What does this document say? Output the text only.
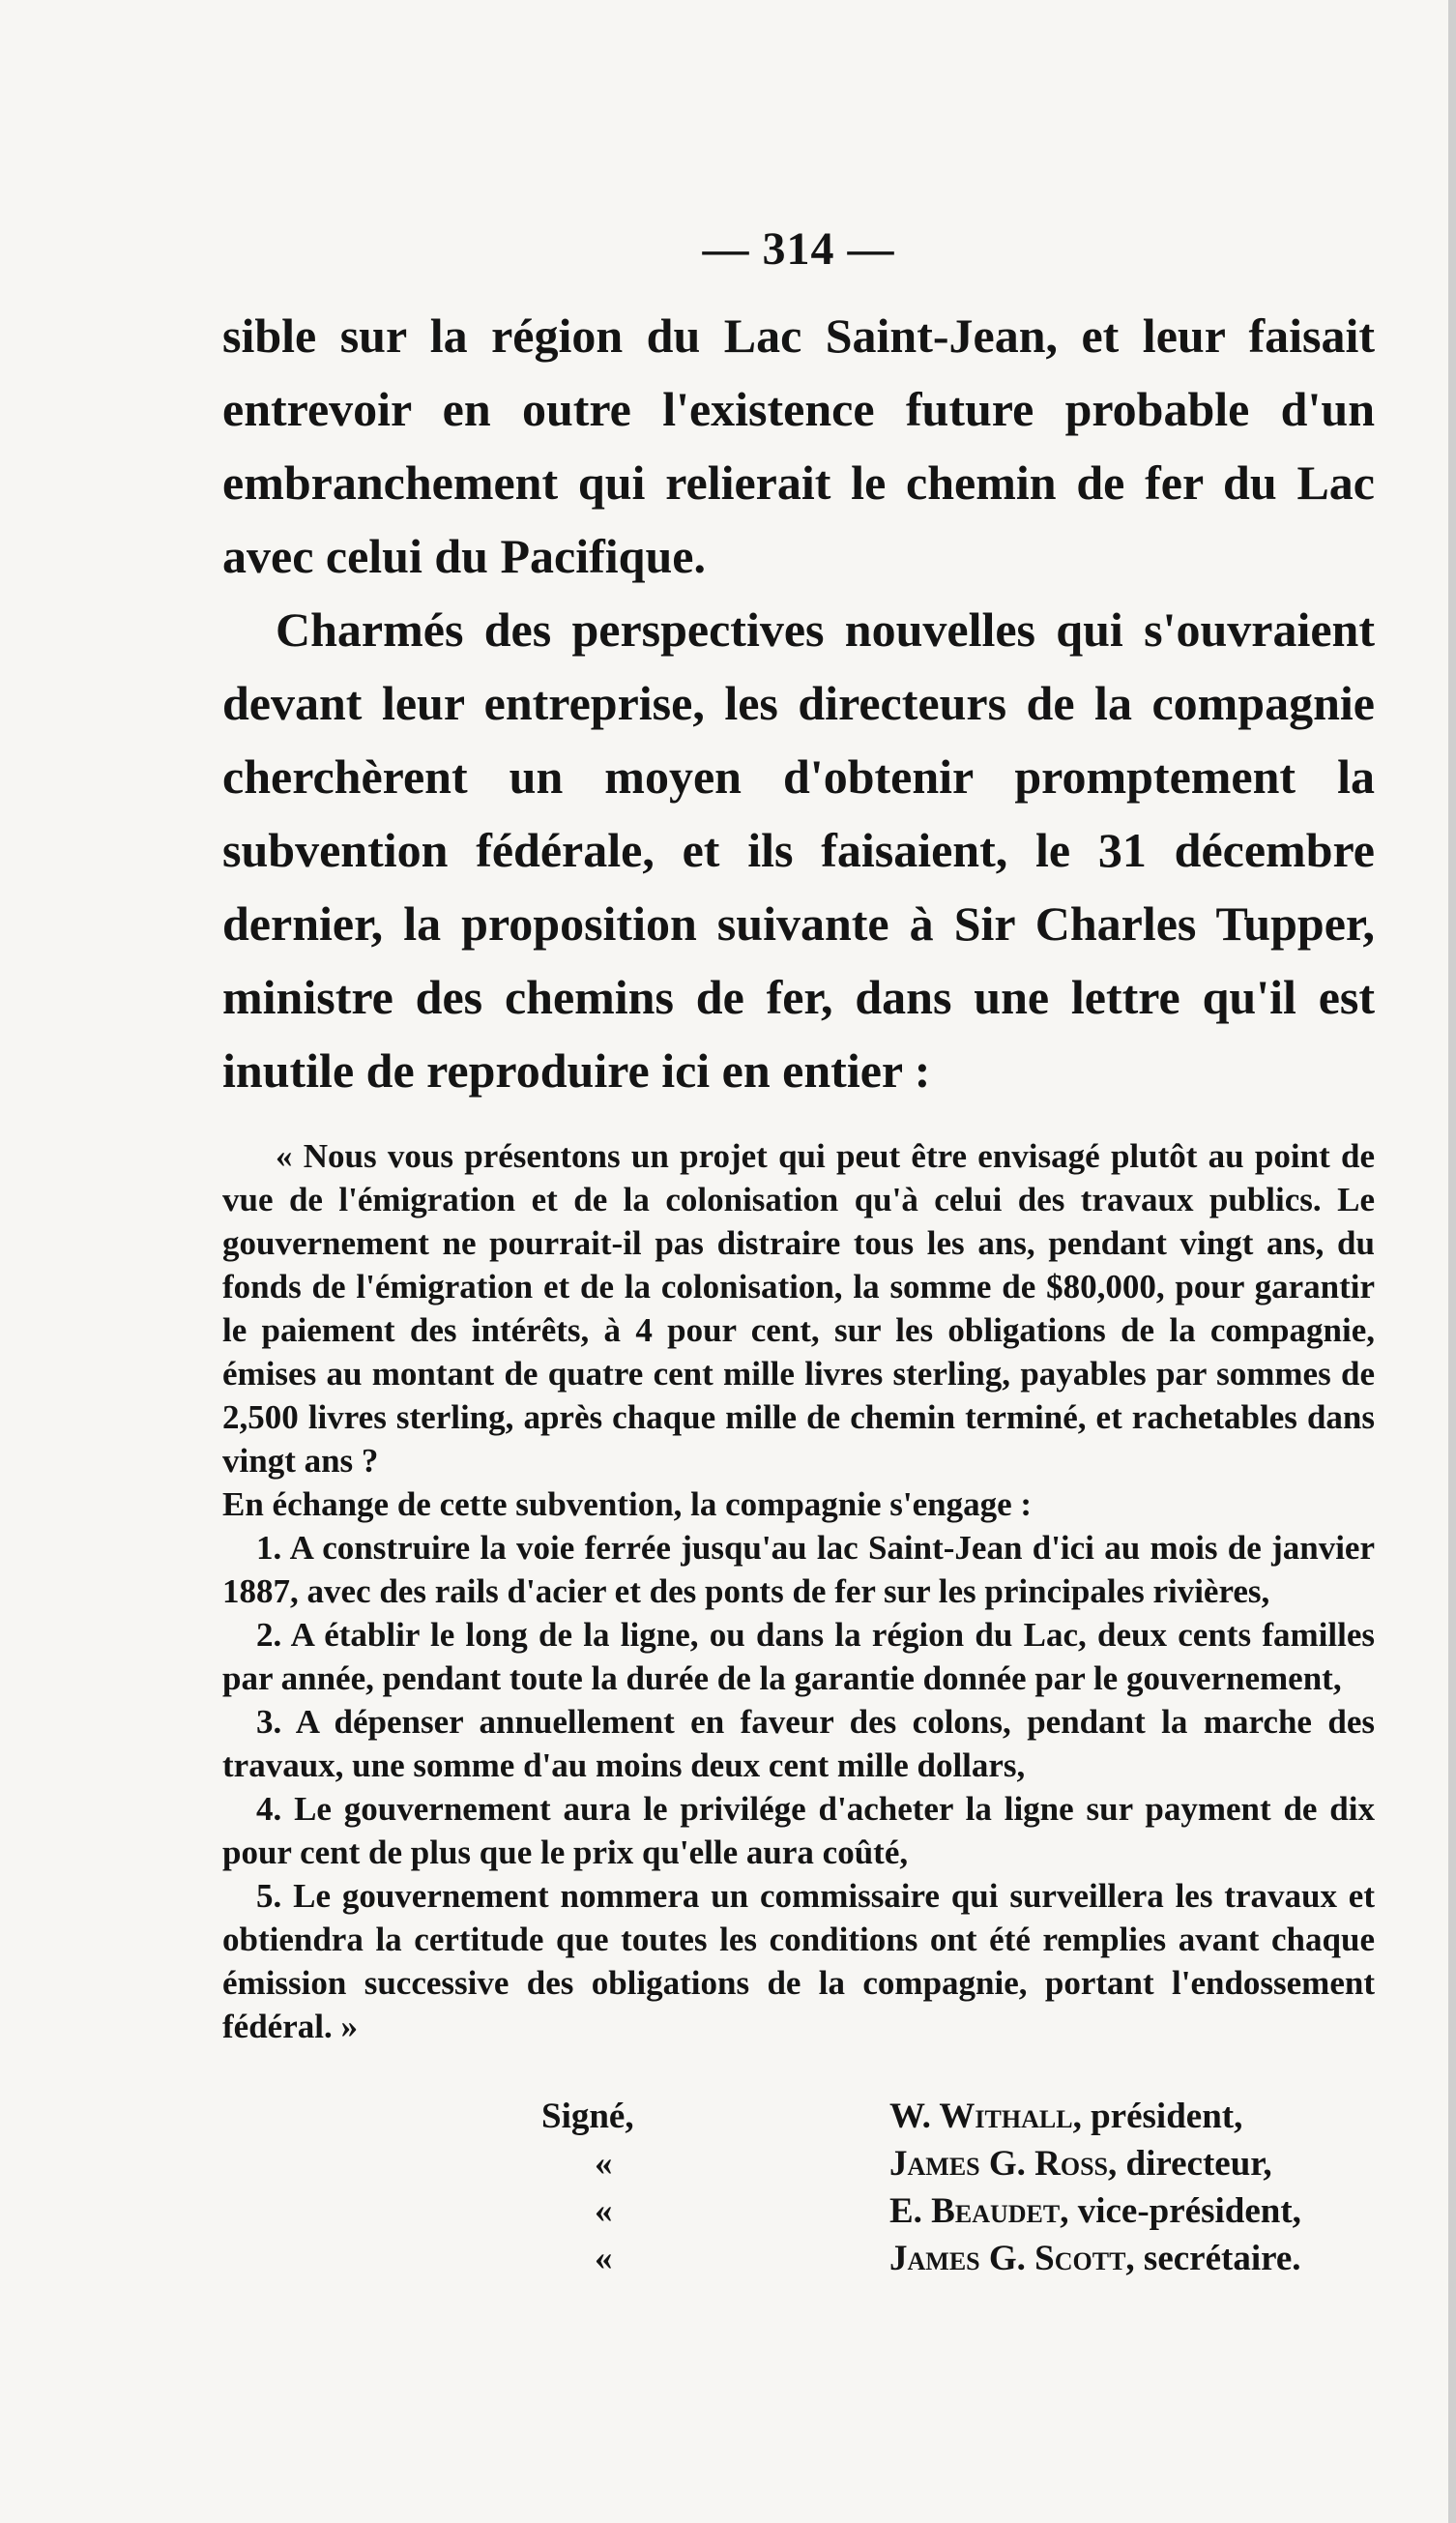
— 314 —

sible sur la région du Lac Saint-Jean, et leur faisait entrevoir en outre l'existence future probable d'un embranchement qui relierait le chemin de fer du Lac avec celui du Pacifique.

Charmés des perspectives nouvelles qui s'ouvraient devant leur entreprise, les directeurs de la compagnie cherchèrent un moyen d'obtenir promptement la subvention fédérale, et ils faisaient, le 31 décembre dernier, la proposition suivante à Sir Charles Tupper, ministre des chemins de fer, dans une lettre qu'il est inutile de reproduire ici en entier :

« Nous vous présentons un projet qui peut être envisagé plutôt au point de vue de l'émigration et de la colonisation qu'à celui des travaux publics. Le gouvernement ne pourrait-il pas distraire tous les ans, pendant vingt ans, du fonds de l'émigration et de la colonisation, la somme de $80,000, pour garantir le paiement des intérêts, à 4 pour cent, sur les obligations de la compagnie, émises au montant de quatre cent mille livres sterling, payables par sommes de 2,500 livres sterling, après chaque mille de chemin terminé, et rachetables dans vingt ans ?

En échange de cette subvention, la compagnie s'engage :

1. A construire la voie ferrée jusqu'au lac Saint-Jean d'ici au mois de janvier 1887, avec des rails d'acier et des ponts de fer sur les principales rivières,

2. A établir le long de la ligne, ou dans la région du Lac, deux cents familles par année, pendant toute la durée de la garantie donnée par le gouvernement,

3. A dépenser annuellement en faveur des colons, pendant la marche des travaux, une somme d'au moins deux cent mille dollars,

4. Le gouvernement aura le privilége d'acheter la ligne sur payment de dix pour cent de plus que le prix qu'elle aura coûté,

5. Le gouvernement nommera un commissaire qui surveillera les travaux et obtiendra la certitude que toutes les conditions ont été remplies avant chaque émission successive des obligations de la compagnie, portant l'endossement fédéral. »

Signé,	W. Withall, président,
«	James G. Ross, directeur,
«	E. Beaudet, vice-président,
«	James G. Scott, secrétaire.
